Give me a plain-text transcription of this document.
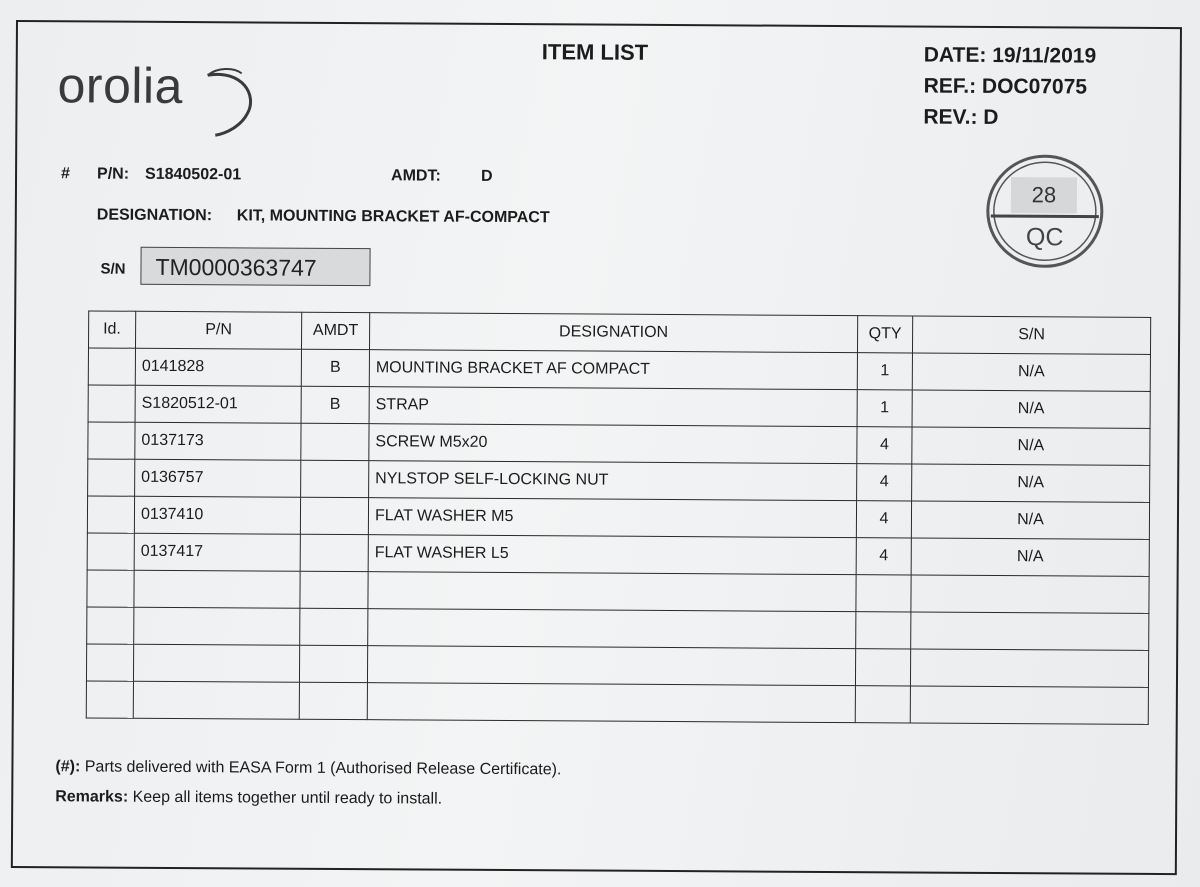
orolia
ITEM LIST	DATE: 19/11/2019
REF.: DOC07075
REV.: D
# P/N: S1840502-01	AMDT:	D
DESIGNATION: KIT, MOUNTING BRACKET AF-COMPACT
S/N	TM0000363747
28
QC
Id.	P/N	AMDT	DESIGNATION	QTY	S/N
	0141828	B	MOUNTING BRACKET AF COMPACT	1	N/A
	S1820512-01	B	STRAP	1	N/A
	0137173		SCREW M5x20	4	N/A
	0136757		NYLSTOP SELF-LOCKING NUT	4	N/A
	0137410		FLAT WASHER M5	4	N/A
	0137417		FLAT WASHER L5	4	N/A

(#): Parts delivered with EASA Form 1 (Authorised Release Certificate).
Remarks: Keep all items together until ready to install.
